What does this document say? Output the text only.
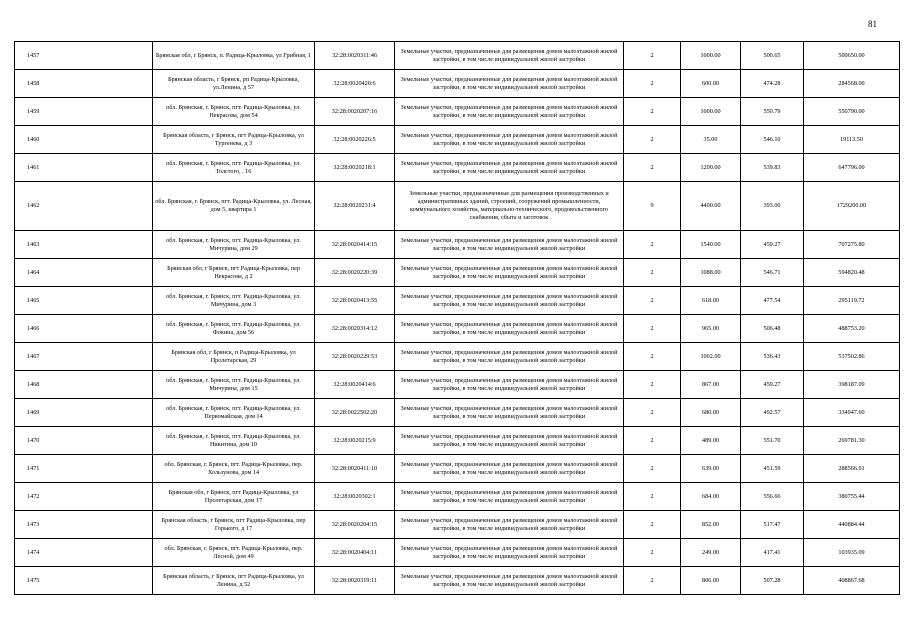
81
1457	Брянская обл, г Брянск, п. Радица-Крыловка, ул Грибная, 1	32:28:0020311:46	Земельные участки, предназначенные для размещения домов малоэтажной жилой застройки, в том числе индивидуальной жилой застройки	2	1000.00	500.65	500650.00
1458	Брянская область, г Брянск, рп Радица-Крыловка, ул.Ленина, д 57	32:28:0020420:6	Земельные участки, предназначенные для размещения домов малоэтажной жилой застройки, в том числе индивидуальной жилой застройки	2	600.00	474.28	284568.00
1459	обл. Брянская, г. Брянск, пгт. Радица-Крыловка, ул. Некрасова, дом 54	32:28:0020207:16	Земельные участки, предназначенные для размещения домов малоэтажной жилой застройки, в том числе индивидуальной жилой застройки	2	1000.00	550.79	550790.00
1460	Брянская область, г Брянск, пгт Радица-Крыловка, ул Тургенева, д 3	32:28:0020226:5	Земельные участки, предназначенные для размещения домов малоэтажной жилой застройки, в том числе индивидуальной жилой застройки	2	35.00	546.10	19113.50
1461	обл. Брянская, г. Брянск, пгт. Радица-Крыловка, ул. Толстого, . 16	32:28:0020218:1	Земельные участки, предназначенные для размещения домов малоэтажной жилой застройки, в том числе индивидуальной жилой застройки	2	1200.00	539.83	647796.00
1462	обл. Брянская, г. Брянск, пгт. Радица-Крыловка, ул. Лесная, дом 5, квартира 1	32:28:0020231:4	Земельные участки, предназначенные для размещения производственных и административных зданий, строений, сооружений промышленности, коммунального хозяйства, материально-технического, продовольственного снабжения, сбыта и заготовок	9	4400.00	393.00	1729200.00
1463	обл. Брянская, г. Брянск, пгт. Радица-Крыловка, ул. Мичурина, дом 29	32:28:0020414:15	Земельные участки, предназначенные для размещения домов малоэтажной жилой застройки, в том числе индивидуальной жилой застройки	2	1540.00	459.27	707275.80
1464	Брянская обл, г Брянск, пгт Радица-Крыловка, пер Некрасова, д 2	32:28:0020220:39	Земельные участки, предназначенные для размещения домов малоэтажной жилой застройки, в том числе индивидуальной жилой застройки	2	1088.00	546.71	594820.48
1465	обл. Брянская, г. Брянск, пгт. Радица-Крыловка, ул. Мичурина, дом 3	32:28:0020413:55	Земельные участки, предназначенные для размещения домов малоэтажной жилой застройки, в том числе индивидуальной жилой застройки	2	618.00	477.54	295119.72
1466	обл. Брянская, г. Брянск, пгт. Радица-Крыловка, ул. Фокина, дом 56	32:28:0020314:12	Земельные участки, предназначенные для размещения домов малоэтажной жилой застройки, в том числе индивидуальной жилой застройки	2	965.00	506.48	488753.20
1467	Брянская обл, г Брянск, п Радица-Крыловка, ул Пролетарская, 29	32:28:0020229:53	Земельные участки, предназначенные для размещения домов малоэтажной жилой застройки, в том числе индивидуальной жилой застройки	2	1002.00	536.43	537502.86
1468	обл. Брянская, г. Брянск, пгт. Радица-Крыловка, ул. Мичурина, дом 15	32:28:0020414:6	Земельные участки, предназначенные для размещения домов малоэтажной жилой застройки, в том числе индивидуальной жилой застройки	2	867.00	459.27	398187.09
1469	обл. Брянская, г. Брянск, пгт. Радица-Крыловка, ул. Первомайская, дом 14	32:28:0022502:20	Земельные участки, предназначенные для размещения домов малоэтажной жилой застройки, в том числе индивидуальной жилой застройки	2	680.00	492.57	334947.60
1470	обл. Брянская, г. Брянск, пгт. Радица-Крыловка, ул. Никитина, дом 10	32:28:0020215:9	Земельные участки, предназначенные для размещения домов малоэтажной жилой застройки, в том числе индивидуальной жилой застройки	2	489.00	551.70	269781.30
1471	обл. Брянская, г. Брянск, пгт. Радица-Крыловка, пер. Хользунова, дом 14	32:28:0020411:10	Земельные участки, предназначенные для размещения домов малоэтажной жилой застройки, в том числе индивидуальной жилой застройки	2	639.00	451.59	288566.01
1472	Брянская обл, г Брянск, пгт Радица-Крыловка, ул Пролетарская, дом 17	32:28:0020302:1	Земельные участки, предназначенные для размещения домов малоэтажной жилой застройки, в том числе индивидуальной жилой застройки	2	684.00	556.66	380755.44
1473	Брянская область, г Брянск, пгт Радица-Крыловка, пер Горького, д 17	32:28:0020204:15	Земельные участки, предназначенные для размещения домов малоэтажной жилой застройки, в том числе индивидуальной жилой застройки	2	852.00	517.47	440884.44
1474	обл. Брянская, г. Брянск, пгт. Радица-Крыловка, пер. Лесной, дом 49	32:28:0020404:11	Земельные участки, предназначенные для размещения домов малоэтажной жилой застройки, в том числе индивидуальной жилой застройки	2	249.00	417.41	103935.09
1475	Брянская область, г Брянск, пгт Радица-Крыловка, ул Ленина, д 52	32:28:0020319:11	Земельные участки, предназначенные для размещения домов малоэтажной жилой застройки, в том числе индивидуальной жилой застройки	2	806.00	507.28	408867.68
